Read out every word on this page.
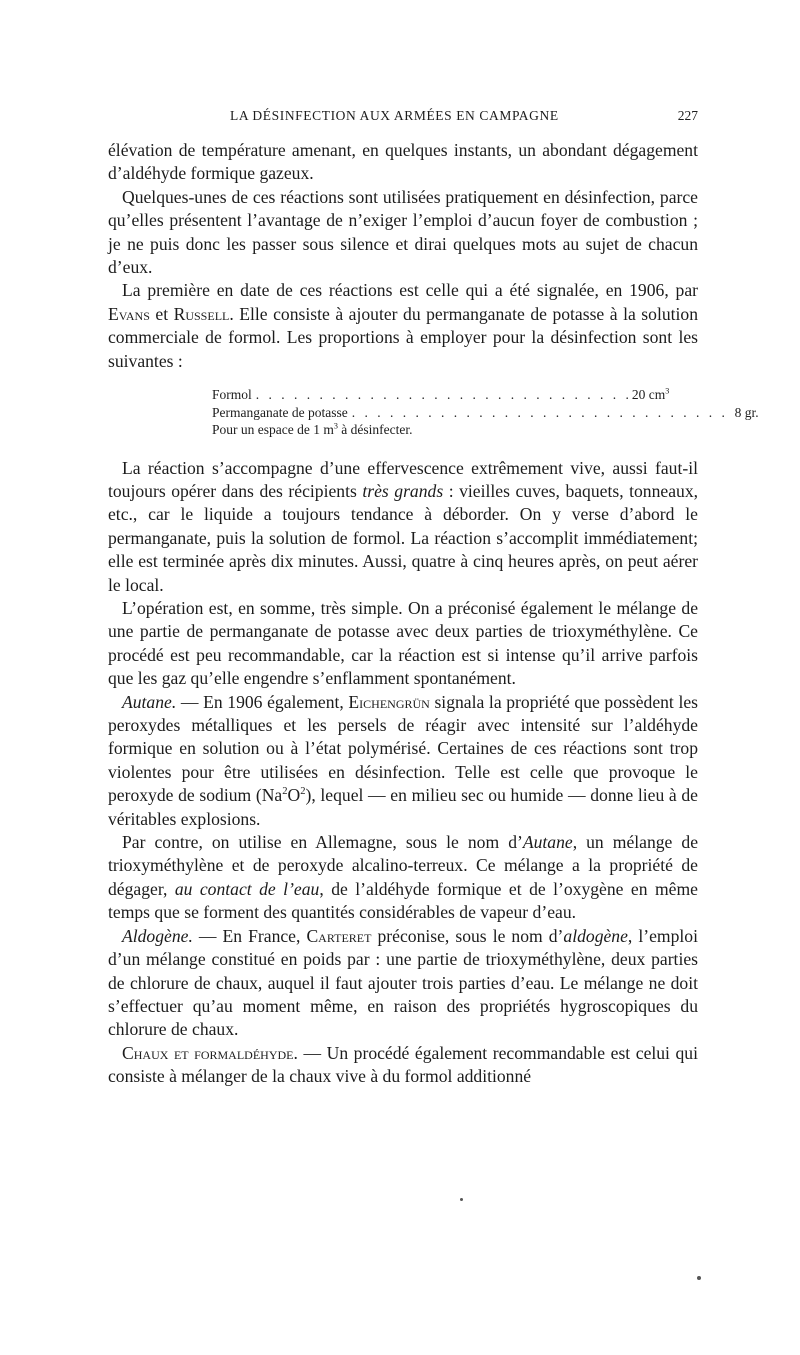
LA DÉSINFECTION AUX ARMÉES EN CAMPAGNE	227

élévation de température amenant, en quelques instants, un abondant dégagement d’aldéhyde formique gazeux.

Quelques-unes de ces réactions sont utilisées pratiquement en désinfection, parce qu’elles présentent l’avantage de n’exiger l’emploi d’aucun foyer de combustion ; je ne puis donc les passer sous silence et dirai quelques mots au sujet de chacun d’eux.

La première en date de ces réactions est celle qui a été signalée, en 1906, par Evans et Russell. Elle consiste à ajouter du permanganate de potasse à la solution commerciale de formol. Les proportions à employer pour la désinfection sont les suivantes :

Formol . . . . . . . . . . . . . . . . . . . . . . . . . . . . . . 20 $cm^3$
Permanganate de potasse . . . . . . . . . . . . . . . . . . . . . . . . . . . . . . 8 gr.
Pour un espace de 1 $m^3$ à désinfecter.

La réaction s’accompagne d’une effervescence extrêmement vive, aussi faut-il toujours opérer dans des récipients très grands : vieilles cuves, baquets, tonneaux, etc., car le liquide a toujours tendance à déborder. On y verse d’abord le permanganate, puis la solution de formol. La réaction s’accomplit immédiatement; elle est terminée après dix minutes. Aussi, quatre à cinq heures après, on peut aérer le local.

L’opération est, en somme, très simple. On a préconisé également le mélange de une partie de permanganate de potasse avec deux parties de trioxyméthylène. Ce procédé est peu recommandable, car la réaction est si intense qu’il arrive parfois que les gaz qu’elle engendre s’enflamment spontanément.

Autane. — En 1906 également, Eichengrün signala la propriété que possèdent les peroxydes métalliques et les persels de réagir avec intensité sur l’aldéhyde formique en solution ou à l’état polymérisé. Certaines de ces réactions sont trop violentes pour être utilisées en désinfection. Telle est celle que provoque le peroxyde de sodium $(Na^2O^2)$, lequel — en milieu sec ou humide — donne lieu à de véritables explosions.

Par contre, on utilise en Allemagne, sous le nom d’Autane, un mélange de trioxyméthylène et de peroxyde alcalino-terreux. Ce mélange a la propriété de dégager, au contact de l’eau, de l’aldéhyde formique et de l’oxygène en même temps que se forment des quantités considérables de vapeur d’eau.

Aldogène. — En France, Carteret préconise, sous le nom d’aldogène, l’emploi d’un mélange constitué en poids par : une partie de trioxyméthylène, deux parties de chlorure de chaux, auquel il faut ajouter trois parties d’eau. Le mélange ne doit s’effectuer qu’au moment même, en raison des propriétés hygroscopiques du chlorure de chaux.

Chaux et formaldéhyde. — Un procédé également recommandable est celui qui consiste à mélanger de la chaux vive à du formol additionné
